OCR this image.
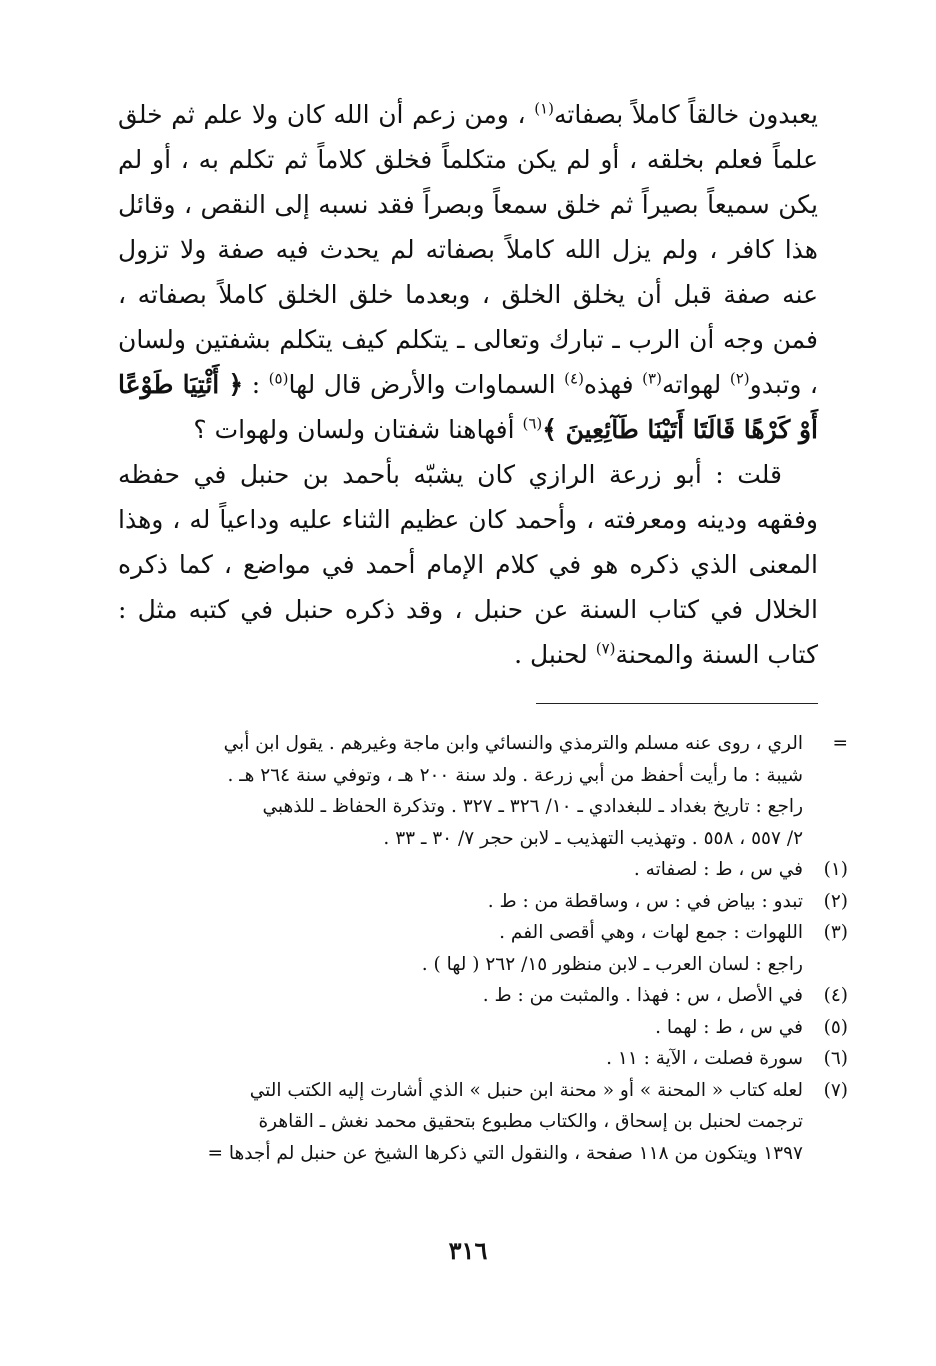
يعبدون خالقاً كاملاً بصفاته$^{(١)}$ ، ومن زعم أن الله كان ولا علم ثم خلق علماً فعلم بخلقه ، أو لم يكن متكلماً فخلق كلاماً ثم تكلم به ، أو لم يكن سميعاً بصيراً ثم خلق سمعاً وبصراً فقد نسبه إلى النقص ، وقائل هذا كافر ، ولم يزل الله كاملاً بصفاته لم يحدث فيه صفة ولا تزول عنه صفة قبل أن يخلق الخلق ، وبعدما خلق الخلق كاملاً بصفاته ، فمن وجه أن الرب ـ تبارك وتعالى ـ يتكلم كيف يتكلم بشفتين ولسان ، وتبدو$^{(٢)}$ لهواته$^{(٣)}$ فهذه$^{(٤)}$ السماوات والأرض قال لها$^{(٥)}$ : ﴿ أَئْتِيَا طَوْعًا أَوْ كَرْهًا قَالَتَا أَتَيْنَا طَآئِعِينَ ﴾$^{(٦)}$ أفهاهنا شفتان ولسان ولهوات ؟

قلت : أبو زرعة الرازي كان يشبّه بأحمد بن حنبل في حفظه وفقهه ودينه ومعرفته ، وأحمد كان عظيم الثناء عليه وداعياً له ، وهذا المعنى الذي ذكره هو في كلام الإمام أحمد في مواضع ، كما ذكره الخلال في كتاب السنة عن حنبل ، وقد ذكره حنبل في كتبه مثل : كتاب السنة والمحنة$^{(٧)}$ لحنبل .

=
الري ، روى عنه مسلم والترمذي والنسائي وابن ماجة وغيرهم . يقول ابن أبي
شيبة : ما رأيت أحفظ من أبي زرعة . ولد سنة ٢٠٠ هـ ، وتوفي سنة ٢٦٤ هـ .
راجع : تاريخ بغداد ـ للبغدادي ـ ١٠/ ٣٢٦ ـ ٣٢٧ . وتذكرة الحفاظ ـ للذهبي
٢/ ٥٥٧ ، ٥٥٨ . وتهذيب التهذيب ـ لابن حجر ٧/ ٣٠ ـ ٣٣ .
(١)
في س ، ط : لصفاته .
(٢)
تبدو : بياض في : س ، وساقطة من : ط .
(٣)
اللهوات : جمع لهات ، وهي أقصى الفم .
راجع : لسان العرب ـ لابن منظور ١٥/ ٢٦٢ ( لها ) .
(٤)
في الأصل ، س : فهذا . والمثبت من : ط .
(٥)
في س ، ط : لهما .
(٦)
سورة فصلت ، الآية : ١١ .
(٧)
لعله كتاب « المحنة » أو « محنة ابن حنبل » الذي أشارت إليه الكتب التي
ترجمت لحنبل بن إسحاق ، والكتاب مطبوع بتحقيق محمد نغش ـ القاهرة
١٣٩٧ ويتكون من ١١٨ صفحة ، والنقول التي ذكرها الشيخ عن حنبل لم أجدها =
٣١٦
